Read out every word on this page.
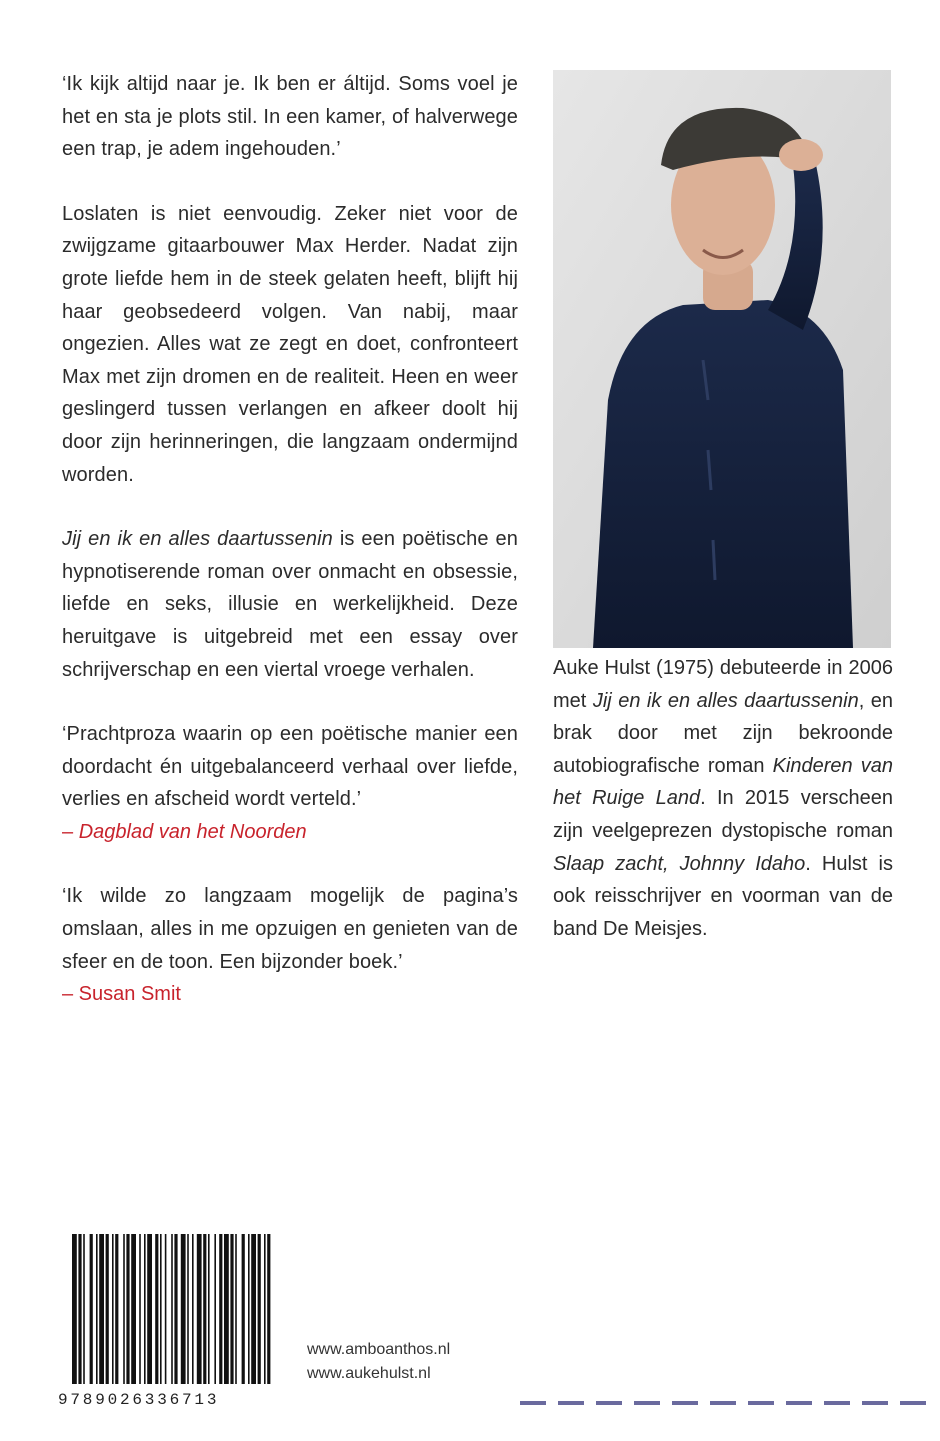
‘Ik kijk altijd naar je. Ik ben er áltijd. Soms voel je het en sta je plots stil. In een kamer, of halverwege een trap, je adem ingehouden.’

Loslaten is niet eenvoudig. Zeker niet voor de zwijgzame gitaarbouwer Max Herder. Nadat zijn grote liefde hem in de steek gelaten heeft, blijft hij haar geobsedeerd volgen. Van nabij, maar ongezien. Alles wat ze zegt en doet, confronteert Max met zijn dromen en de realiteit. Heen en weer geslingerd tussen verlangen en afkeer doolt hij door zijn herinneringen, die langzaam ondermijnd worden.

Jij en ik en alles daartussenin is een poëtische en hypnotiserende roman over onmacht en obsessie, liefde en seks, illusie en werkelijkheid. Deze heruitgave is uitgebreid met een essay over schrijverschap en een viertal vroege verhalen.

‘Prachtproza waarin op een poëtische manier een doordacht én uitgebalanceerd verhaal over liefde, verlies en afscheid wordt verteld.’

– Dagblad van het Noorden

‘Ik wilde zo langzaam mogelijk de pagina’s omslaan, alles in me opzuigen en genieten van de sfeer en de toon. Een bijzonder boek.’

– Susan Smit

Auke Hulst (1975) debuteerde in 2006 met Jij en ik en alles daartussenin, en brak door met zijn bekroonde autobiografische roman Kinderen van het Ruige Land. In 2015 verscheen zijn veelgeprezen dystopische roman Slaap zacht, Johnny Idaho. Hulst is ook reisschrijver en voorman van de band De Meisjes.

9789026336713
www.amboanthos.nl
www.aukehulst.nl
